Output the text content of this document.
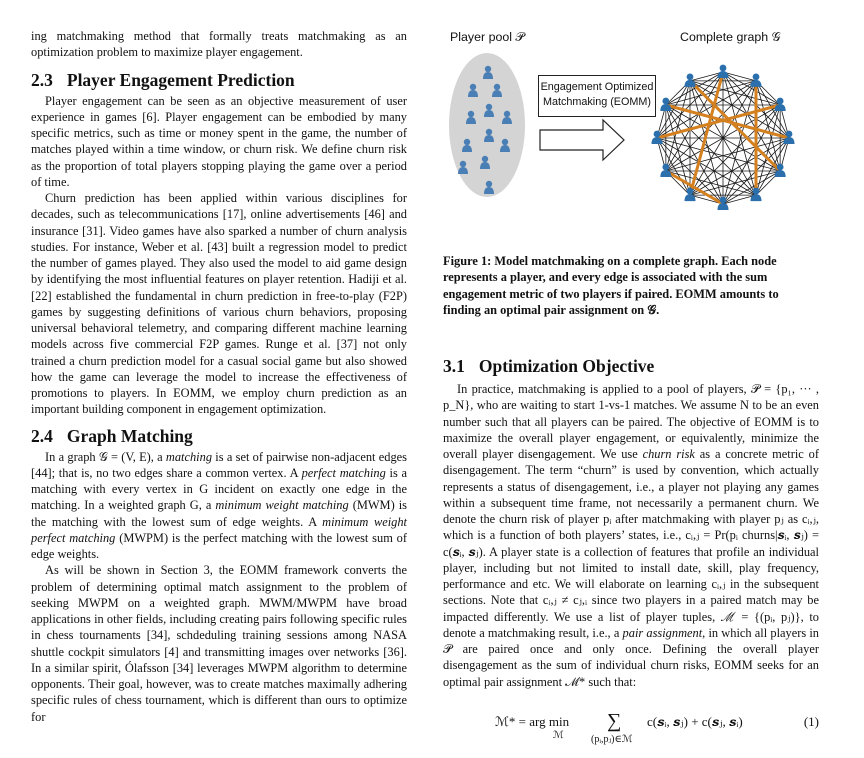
ing matchmaking method that formally treats matchmaking as an optimization problem to maximize player engagement.

2.3 Player Engagement Prediction

Player engagement can be seen as an objective measurement of user experience in games [6]. Player engagement can be embodied by many specific metrics, such as time or money spent in the game, the number of matches played within a time window, or churn risk. We define churn risk as the proportion of total players stopping playing the game over a period of time.

Churn prediction has been applied within various disciplines for decades, such as telecommunications [17], online advertisements [46] and insurance [31]. Video games have also sparked a number of churn analysis studies. For instance, Weber et al. [43] built a regression model to predict the number of games played. They also used the model to aid game design by identifying the most influential features on player retention. Hadiji et al. [22] established the fundamental in churn prediction in free-to-play (F2P) games by suggesting definitions of various churn behaviors, proposing universal behavioral telemetry, and comparing different machine learning models across five commercial F2P games. Runge et al. [37] not only trained a churn prediction model for a casual social game but also showed how the game can leverage the model to increase the effectiveness of promotions to players. In EOMM, we employ churn prediction as an important building component in engagement optimization.

2.4 Graph Matching

In a graph 𝒢 = (V, E), a matching is a set of pairwise non-adjacent edges [44]; that is, no two edges share a common vertex. A perfect matching is a matching with every vertex in G incident on exactly one edge in the matching. In a weighted graph G, a minimum weight matching (MWM) is the matching with the lowest sum of edge weights. A minimum weight perfect matching (MWPM) is the perfect matching with the lowest sum of edge weights.

As will be shown in Section 3, the EOMM framework converts the problem of determining optimal match assignment to the problem of seeking MWPM on a weighted graph. MWM/MWPM have broad applications in other fields, including creating pairs following specific rules in chess tournaments [34], schdeduling training sessions among NASA shuttle cockpit simulators [4] and transmitting images over networks [36]. In a similar spirit, Ólafsson [34] leverages MWPM algorithm to determine opponents. Their goal, however, was to create matches maximally adhering specific rules of chess tournament, which is different than ours to optimize for

Player pool 𝒫	Complete graph 𝒢
Engagement Optimized
Matchmaking (EOMM)

Figure 1: Model matchmaking on a complete graph. Each node represents a player, and every edge is associated with the sum engagement metric of two players if paired. EOMM amounts to finding an optimal pair assignment on 𝒢.

3.1 Optimization Objective

In practice, matchmaking is applied to a pool of players, 𝒫 = {p₁, ··· , p_N}, who are waiting to start 1-vs-1 matches. We assume N to be an even number such that all players can be paired. The objective of EOMM is to maximize the overall player engagement, or equivalently, minimize the overall player disengagement. We use churn risk as a concrete metric of disengagement. The term “churn” is used by convention, which actually represents a status of disengagement, i.e., a player not playing any games within a subsequent time frame, not necessarily a permanent churn. We denote the churn risk of player pᵢ after matchmaking with player pⱼ as cᵢ,ⱼ, which is a function of both players’ states, i.e., cᵢ,ⱼ = Pr(pᵢ churns|𝒔ᵢ, 𝒔ⱼ) = c(𝒔ᵢ, 𝒔ⱼ). A player state is a collection of features that profile an individual player, including but not limited to install date, skill, play frequency, performance and etc. We will elaborate on learning cᵢ,ⱼ in the subsequent sections. Note that cᵢ,ⱼ ≠ cⱼ,ᵢ since two players in a paired match may be impacted differently. We use a list of player tuples, ℳ = {(pᵢ, pⱼ)}, to denote a matchmaking result, i.e., a pair assignment, in which all players in 𝒫 are paired once and only once. Defining the overall player disengagement as the sum of individual churn risks, EOMM seeks for an optimal pair assignment ℳ* such that:

ℳ* = arg min
ℳ
∑
(pᵢ,pⱼ)∈ℳ
c(𝒔ᵢ, 𝒔ⱼ) + c(𝒔ⱼ, 𝒔ᵢ)	(1)
